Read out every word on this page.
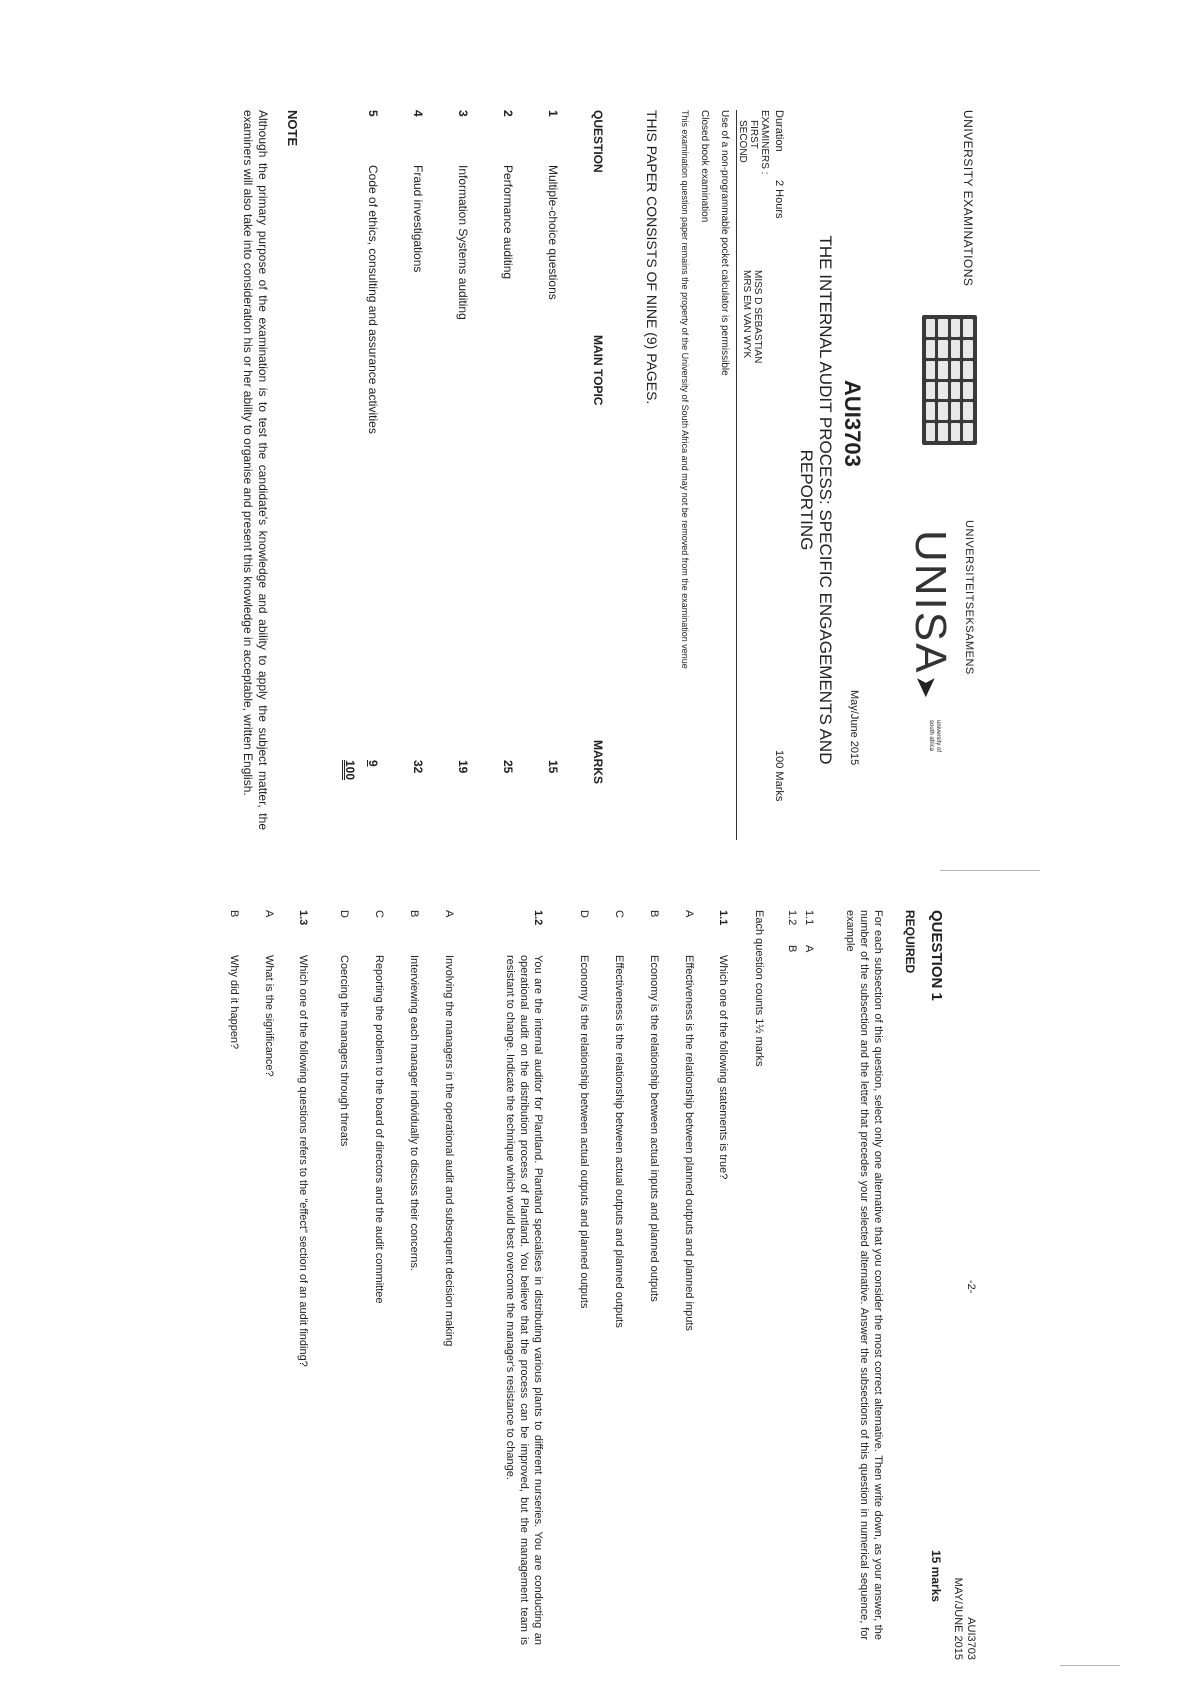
UNIVERSITY EXAMINATIONS
UNIVERSITEITSEKSAMENS
UNISA
➤
university of south africa
AUI3703
May/June 2015
THE INTERNAL AUDIT PROCESS: SPECIFIC ENGAGEMENTS AND REPORTING
Duration
2 Hours
100 Marks
EXAMINERS :
FIRST
SECOND
MISS D SEBASTIAN
MRS EM VAN WYK
Use of a non-programmable pocket calculator is permissible
Closed book examination
This examination question paper remains the property of the University of South Africa and may not be removed from the examination venue
THIS PAPER CONSISTS OF NINE (9) PAGES.
QUESTION
MAIN TOPIC
MARKS
1
Multiple-choice questions
15
2
Performance auditing
25
3
Information Systems auditing
19
4
Fraud investigations
32
5
Code of ethics, consulting and assurance activities
9
100
NOTE
Although the primary purpose of the examination is to test the candidate's knowledge and ability to apply the subject matter, the examiners will also take into consideration his or her ability to organise and present this knowledge in acceptable, written English.
-2-
AUI3703
MAY/JUNE 2015
QUESTION 1
15 marks
REQUIRED
For each subsection of this question, select only one alternative that you consider the most correct alternative. Then write down, as your answer, the number of the subsection and the letter that precedes your selected alternative. Answer the subsections of this question in numerical sequence, for example
1.1
A
1.2
B
Each question counts 1½ marks
1.1
Which one of the following statements is true?
A
Effectiveness is the relationship between planned outputs and planned inputs
B
Economy is the relationship between actual inputs and planned outputs
C
Effectiveness is the relationship between actual outputs and planned outputs
D
Economy is the relationship between actual outputs and planned outputs
1.2
You are the internal auditor for Plantland. Plantland specialises in distributing various plants to different nurseries. You are conducting an operational audit on the distribution process of Plantland. You believe that the process can be improved, but the management team is resistant to change. Indicate the technique which would best overcome the manager's resistance to change.
A
Involving the managers in the operational audit and subsequent decision making
B
Interviewing each manager individually to discuss their concerns.
C
Reporting the problem to the board of directors and the audit committee
D
Coercing the managers through threats
1.3
Which one of the following questions refers to the "effect" section of an audit finding?
A
What is the significance?
B
Why did it happen?
